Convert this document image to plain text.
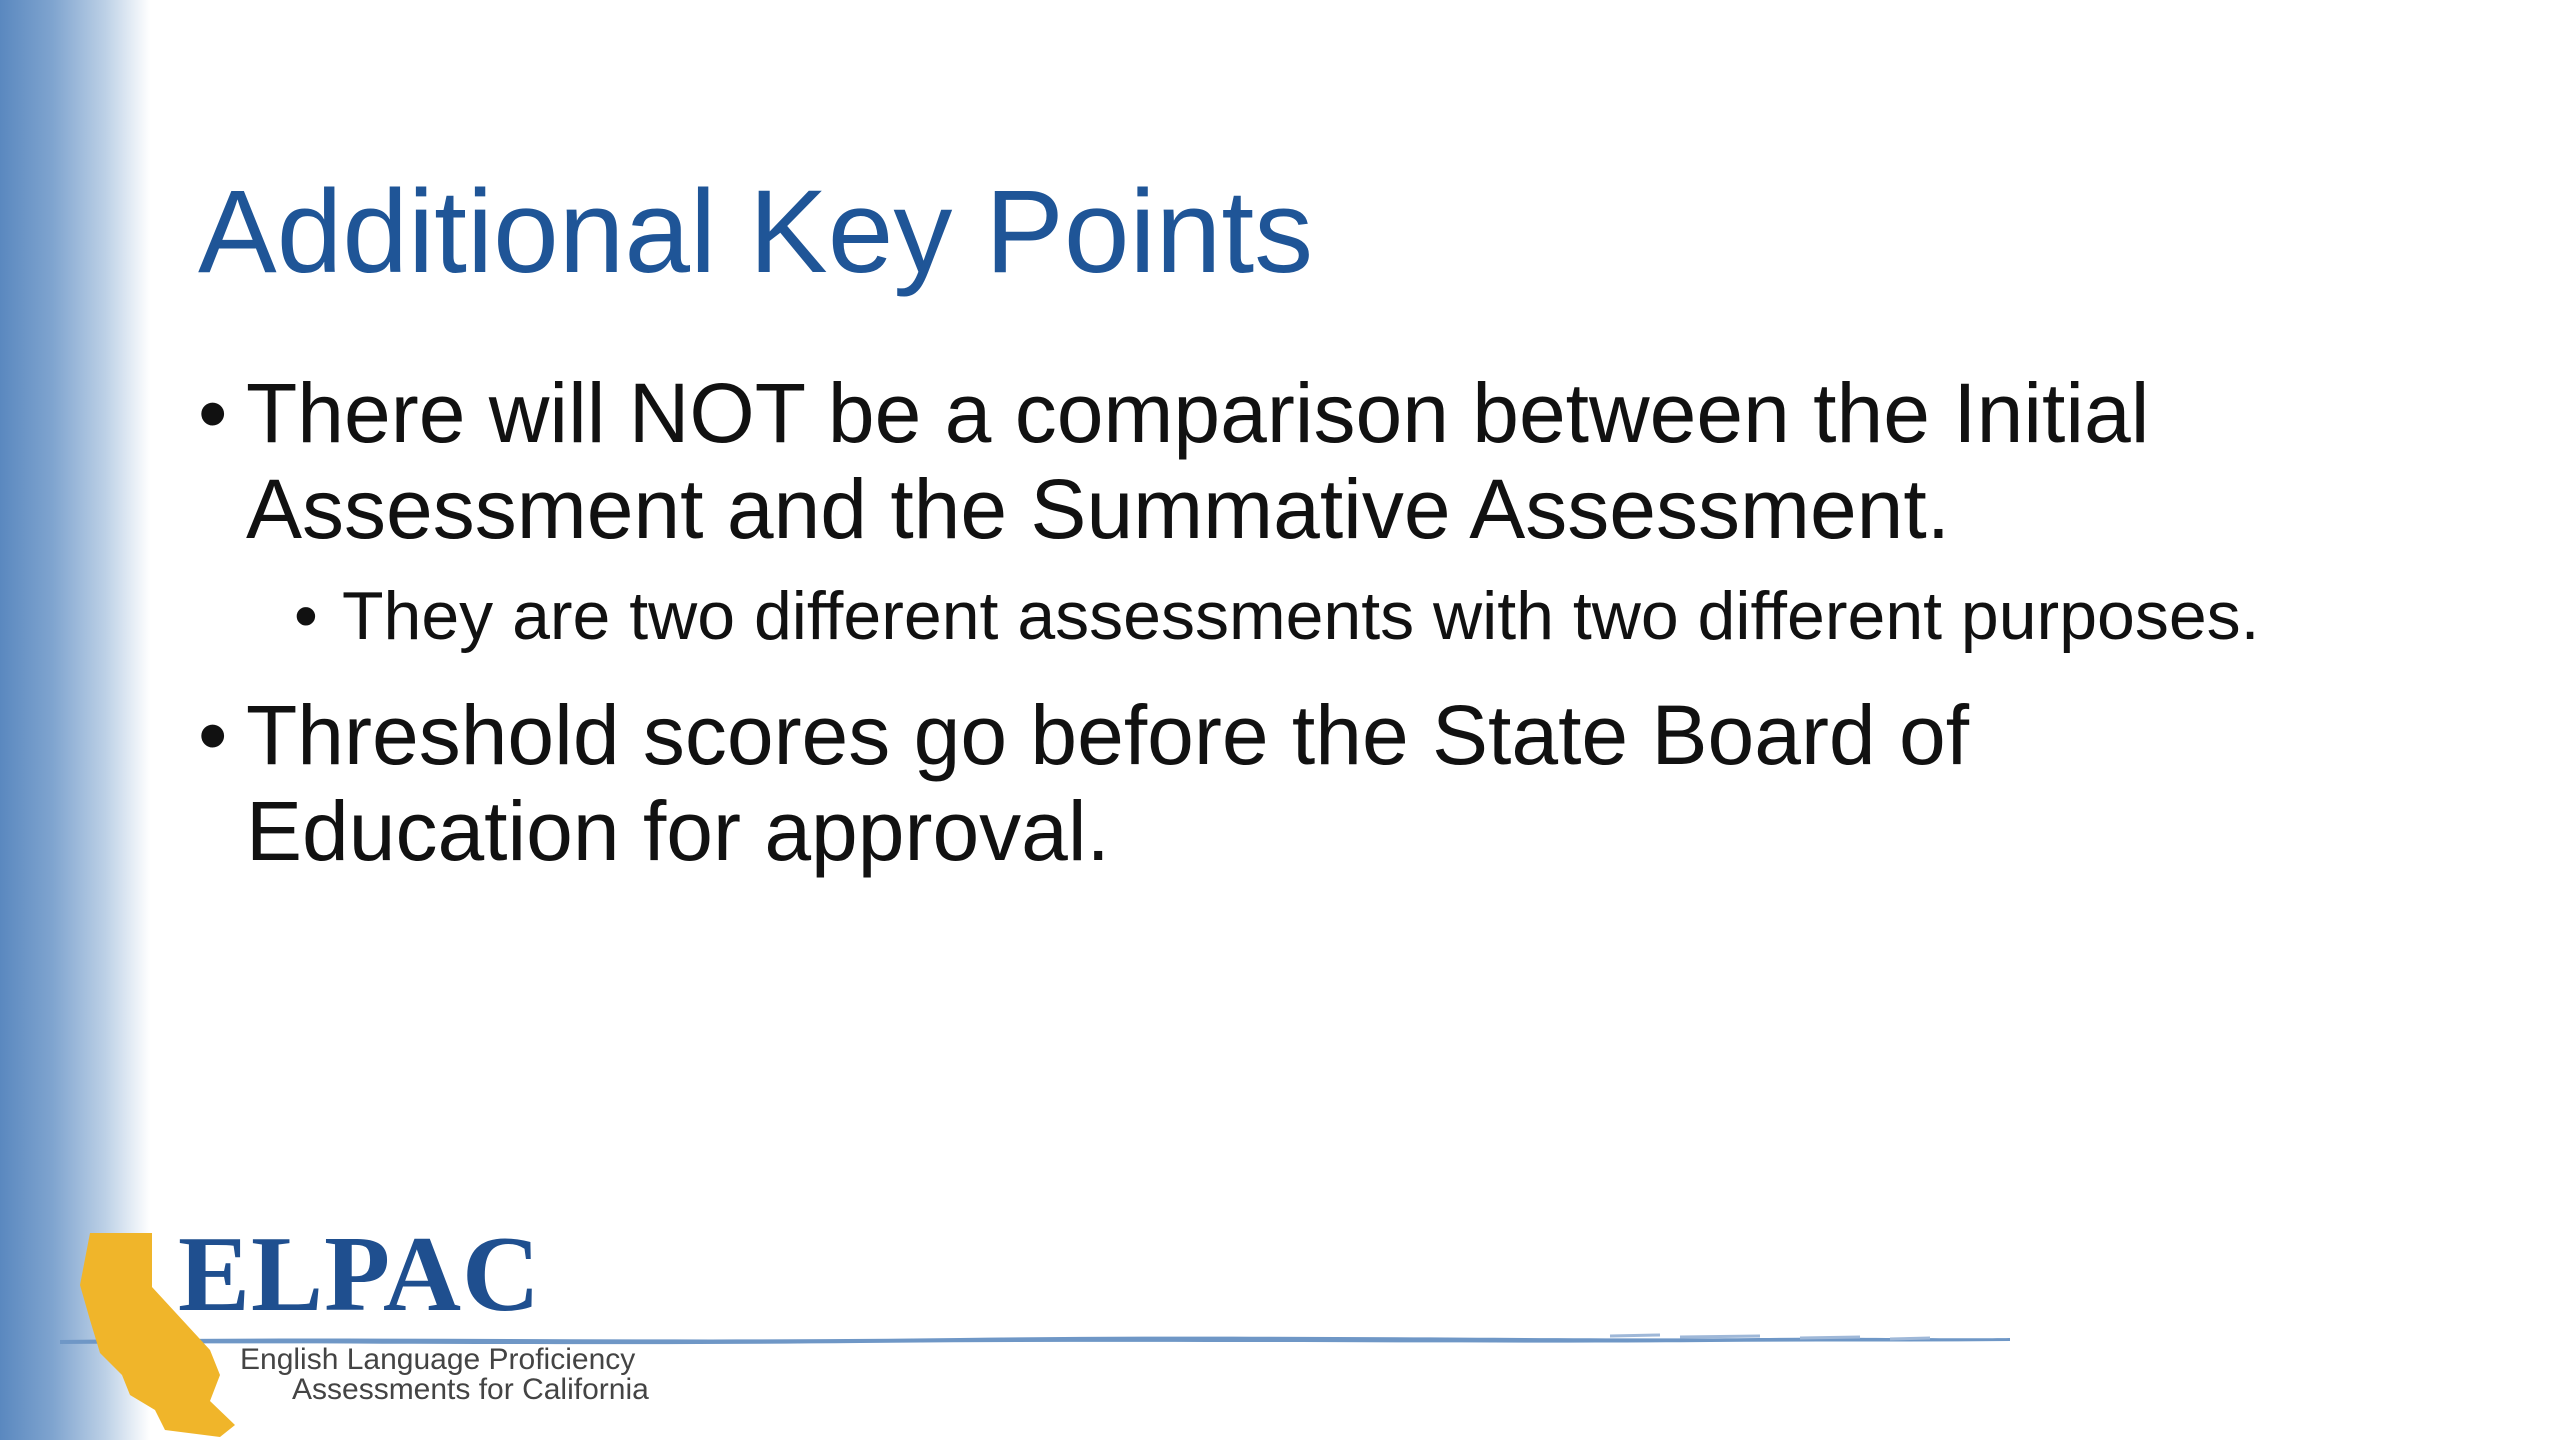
Additional Key Points
• There will NOT be a comparison between the Initial Assessment and the Summative Assessment.
• They are two different assessments with two different purposes.
• Threshold scores go before the State Board of Education for approval.
ELPAC
English Language Proficiency
Assessments for California
